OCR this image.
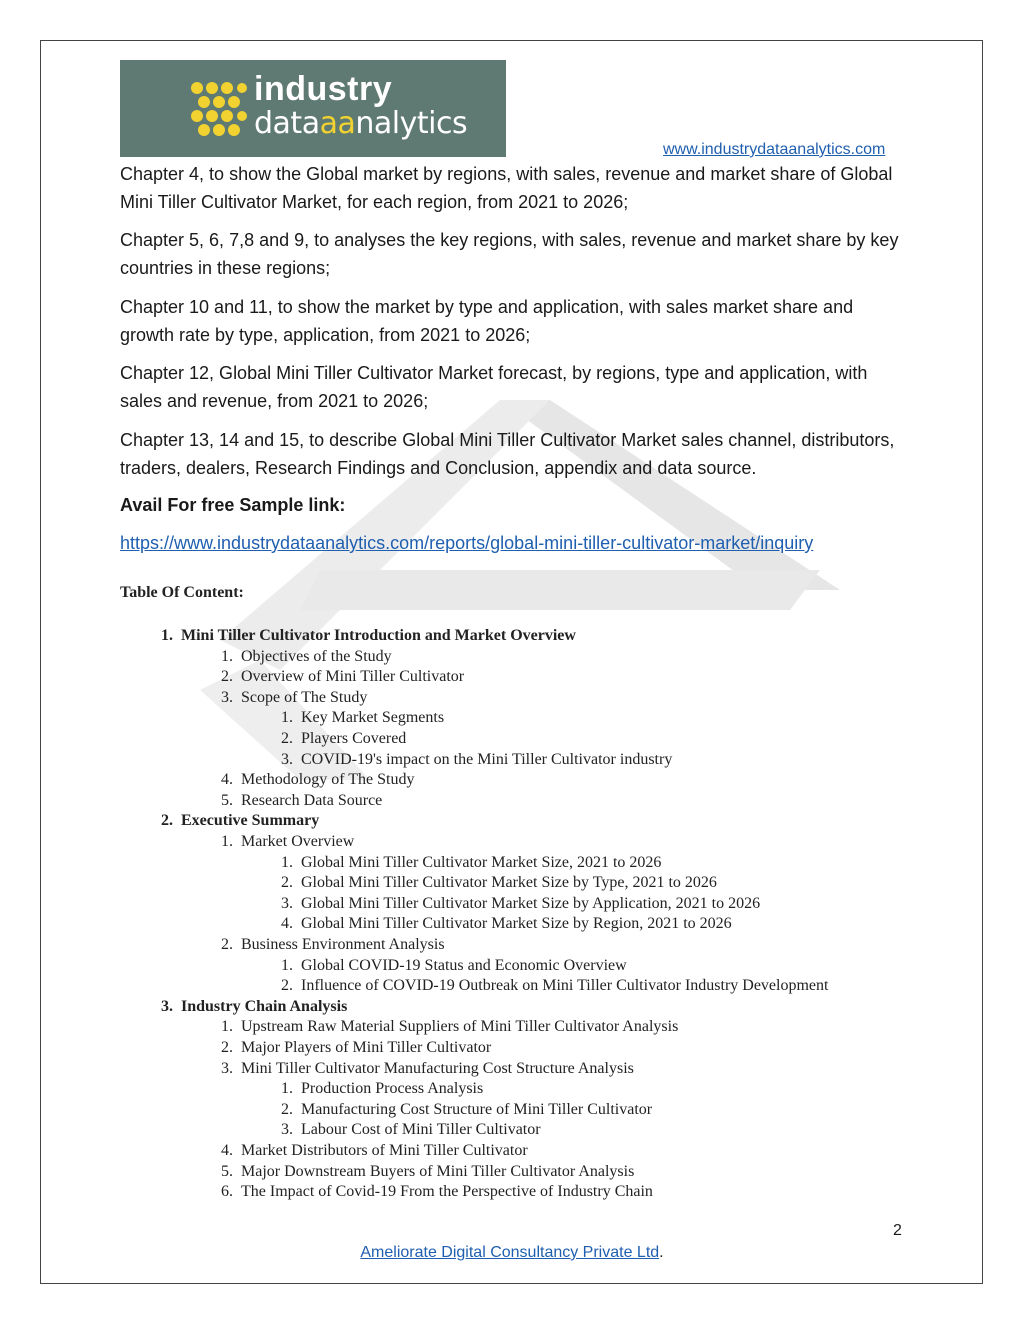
industry
dataaanalytics
www.industrydataanalytics.com

Chapter 4, to show the Global market by regions, with sales, revenue and market share of Global Mini Tiller Cultivator Market, for each region, from 2021 to 2026;

Chapter 5, 6, 7,8 and 9, to analyses the key regions, with sales, revenue and market share by key countries in these regions;

Chapter 10 and 11, to show the market by type and application, with sales market share and growth rate by type, application, from 2021 to 2026;

Chapter 12, Global Mini Tiller Cultivator Market forecast, by regions, type and application, with sales and revenue, from 2021 to 2026;

Chapter 13, 14 and 15, to describe Global Mini Tiller Cultivator Market sales channel, distributors, traders, dealers, Research Findings and Conclusion, appendix and data source.

Avail For free Sample link:
https://www.industrydataanalytics.com/reports/global-mini-tiller-cultivator-market/inquiry
Table Of Content:
1. Mini Tiller Cultivator Introduction and Market Overview
1. Objectives of the Study
2. Overview of Mini Tiller Cultivator
3. Scope of The Study
1. Key Market Segments
2. Players Covered
3. COVID-19's impact on the Mini Tiller Cultivator industry
4. Methodology of The Study
5. Research Data Source
2. Executive Summary
1. Market Overview
1. Global Mini Tiller Cultivator Market Size, 2021 to 2026
2. Global Mini Tiller Cultivator Market Size by Type, 2021 to 2026
3. Global Mini Tiller Cultivator Market Size by Application, 2021 to 2026
4. Global Mini Tiller Cultivator Market Size by Region, 2021 to 2026
2. Business Environment Analysis
1. Global COVID-19 Status and Economic Overview
2. Influence of COVID-19 Outbreak on Mini Tiller Cultivator Industry Development
3. Industry Chain Analysis
1. Upstream Raw Material Suppliers of Mini Tiller Cultivator Analysis
2. Major Players of Mini Tiller Cultivator
3. Mini Tiller Cultivator Manufacturing Cost Structure Analysis
1. Production Process Analysis
2. Manufacturing Cost Structure of Mini Tiller Cultivator
3. Labour Cost of Mini Tiller Cultivator
4. Market Distributors of Mini Tiller Cultivator
5. Major Downstream Buyers of Mini Tiller Cultivator Analysis
6. The Impact of Covid-19 From the Perspective of Industry Chain
2
Ameliorate Digital Consultancy Private Ltd.
